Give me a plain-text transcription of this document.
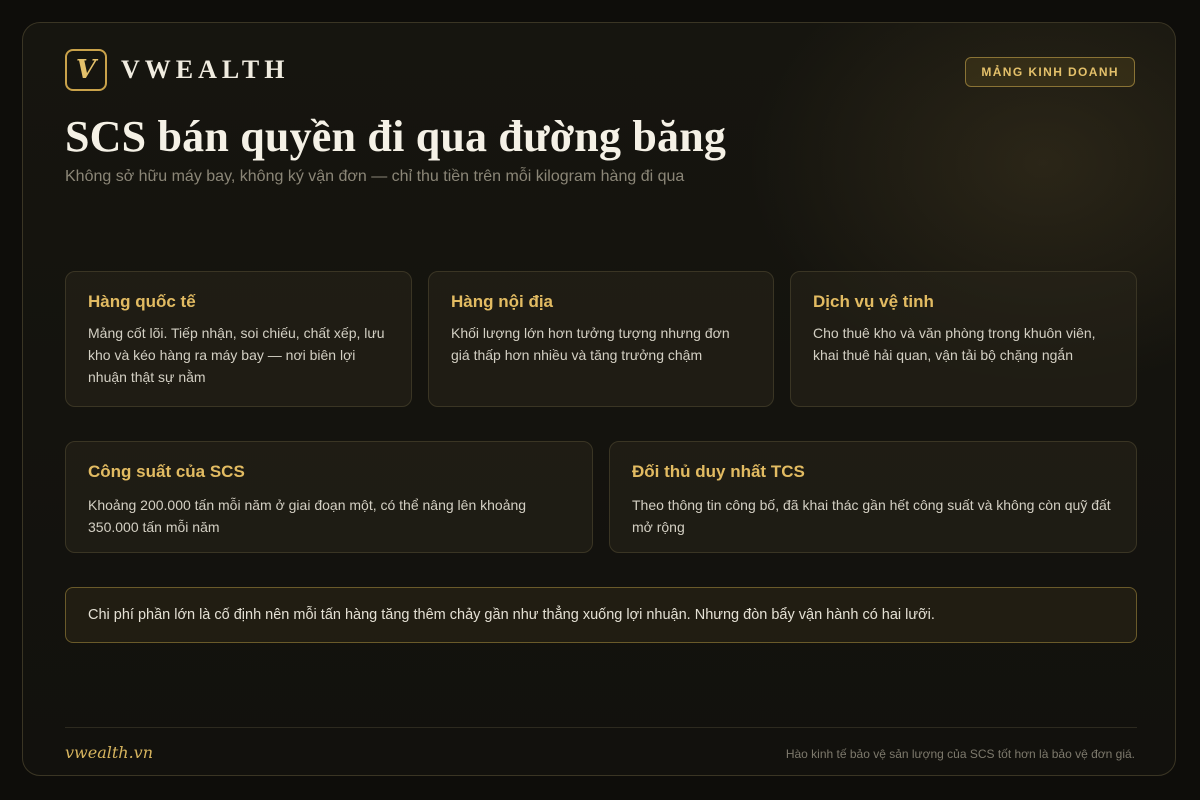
V VWEALTH	MẢNG KINH DOANH
SCS bán quyền đi qua đường băng
Không sở hữu máy bay, không ký vận đơn — chỉ thu tiền trên mỗi kilogram hàng đi qua
Hàng quốc tế
Mảng cốt lõi. Tiếp nhận, soi chiếu, chất xếp, lưu kho và kéo hàng ra máy bay — nơi biên lợi nhuận thật sự nằm
Hàng nội địa
Khối lượng lớn hơn tưởng tượng nhưng đơn giá thấp hơn nhiều và tăng trưởng chậm
Dịch vụ vệ tinh
Cho thuê kho và văn phòng trong khuôn viên, khai thuê hải quan, vận tải bộ chặng ngắn
Công suất của SCS
Khoảng 200.000 tấn mỗi năm ở giai đoạn một, có thể nâng lên khoảng 350.000 tấn mỗi năm
Đối thủ duy nhất TCS
Theo thông tin công bố, đã khai thác gần hết công suất và không còn quỹ đất mở rộng
Chi phí phần lớn là cố định nên mỗi tấn hàng tăng thêm chảy gần như thẳng xuống lợi nhuận. Nhưng đòn bẩy vận hành có hai lưỡi.
vwealth.vn	Hào kinh tế bảo vệ sản lượng của SCS tốt hơn là bảo vệ đơn giá.
